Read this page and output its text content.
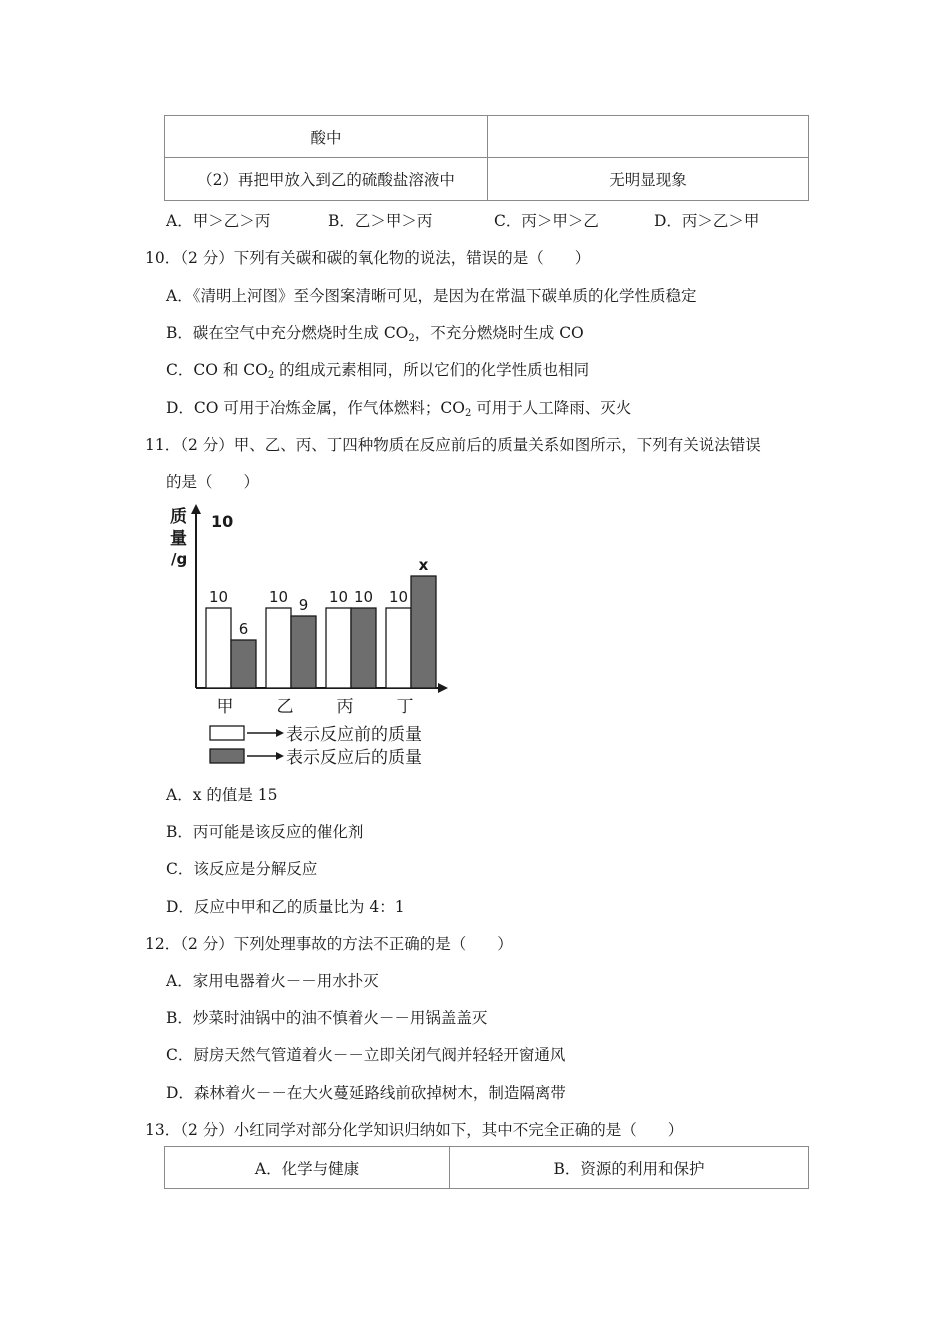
酸中	
（2）再把甲放入到乙的硫酸盐溶液中	无明显现象
A．甲＞乙＞丙	B．乙＞甲＞丙	C．丙＞甲＞乙	D．丙＞乙＞甲
10．（2 分）下列有关碳和碳的氧化物的说法，错误的是（　　）
A．《清明上河图》至今图案清晰可见，是因为在常温下碳单质的化学性质稳定
B．碳在空气中充分燃烧时生成 $CO_2$，不充分燃烧时生成 CO
C．CO 和 $CO_2$ 的组成元素相同，所以它们的化学性质也相同
D．CO 可用于冶炼金属，作气体燃料；$CO_2$ 可用于人工降雨、灭火
11．（2 分）甲、乙、丙、丁四种物质在反应前后的质量关系如图所示，下列有关说法错误
的是（　　）
质
量
/g
10
10
6
10 9 10 10 10
x
甲	乙	丙	丁
表示反应前的质量
表示反应后的质量
A．x 的值是 15
B．丙可能是该反应的催化剂
C．该反应是分解反应
D．反应中甲和乙的质量比为 4：1
12．（2 分）下列处理事故的方法不正确的是（　　）
A．家用电器着火－－用水扑灭
B．炒菜时油锅中的油不慎着火－－用锅盖盖灭
C．厨房天然气管道着火－－立即关闭气阀并轻轻开窗通风
D．森林着火－－在大火蔓延路线前砍掉树木，制造隔离带
13．（2 分）小红同学对部分化学知识归纳如下，其中不完全正确的是（　　）
A．化学与健康	B．资源的利用和保护
